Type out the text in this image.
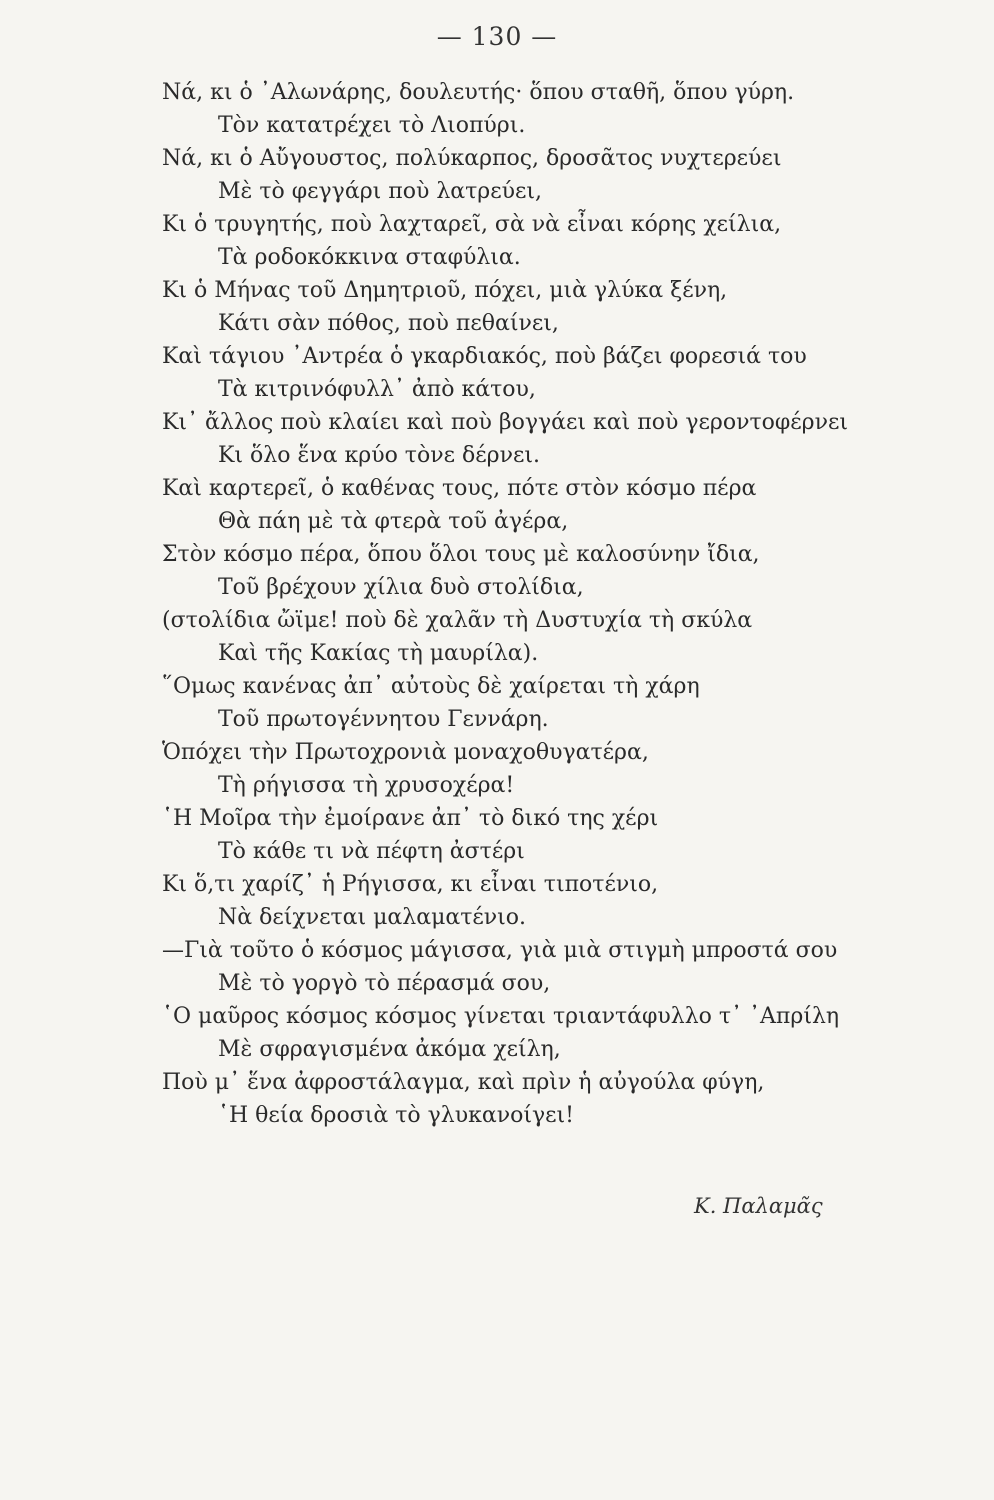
— 130 —
Νά, κι ὁ ᾿Αλωνάρης, δουλευτής· ὅπου σταθῆ, ὅπου γύρη.
Τὸν κατατρέχει τὸ Λιοπύρι.
Νά, κι ὁ Αὔγουστος, πολύκαρπος, δροσᾶτος νυχτερεύει
Μὲ τὸ φεγγάρι ποὺ λατρεύει,
Κι ὁ τρυγητής, ποὺ λαχταρεῖ, σὰ νὰ εἶναι κόρης χείλια,
Τὰ ροδοκόκκινα σταφύλια.
Κι ὁ Μήνας τοῦ Δημητριοῦ, πόχει, μιὰ γλύκα ξένη,
Κάτι σὰν πόθος, ποὺ πεθαίνει,
Καὶ τάγιου ᾿Αντρέα ὁ γκαρδιακός, ποὺ βάζει φορεσιά του
Τὰ κιτρινόφυλλ᾿ ἀπὸ κάτου,
Κι᾿ ἄλλος ποὺ κλαίει καὶ ποὺ βογγάει καὶ ποὺ γεροντοφέρνει
Κι ὅλο ἕνα κρύο τὸνε δέρνει.
Καὶ καρτερεῖ, ὁ καθένας τους, πότε στὸν κόσμο πέρα
Θὰ πάη μὲ τὰ φτερὰ τοῦ ἀγέρα,
Στὸν κόσμο πέρα, ὅπου ὅλοι τους μὲ καλοσύνην ἴδια,
Τοῦ βρέχουν χίλια δυὸ στολίδια,
(στολίδια ὤϊμε! ποὺ δὲ χαλᾶν τὴ Δυστυχία τὴ σκύλα
Καὶ τῆς Κακίας τὴ μαυρίλα).
῞Ομως κανένας ἀπ᾿ αὐτοὺς δὲ χαίρεται τὴ χάρη
Τοῦ πρωτογέννητου Γεννάρη.
Ὁπόχει τὴν Πρωτοχρονιὰ μοναχοθυγατέρα,
Τὴ ρήγισσα τὴ χρυσοχέρα!
῾Η Μοῖρα τὴν ἐμοίρανε ἀπ᾿ τὸ δικό της χέρι
Τὸ κάθε τι νὰ πέφτη ἀστέρι
Κι ὅ,τι χαρίζ᾿ ἡ Ρήγισσα, κι εἶναι τιποτένιο,
Νὰ δείχνεται μαλαματένιο.
—Γιὰ τοῦτο ὁ κόσμος μάγισσα, γιὰ μιὰ στιγμὴ μπροστά σου
Μὲ τὸ γοργὸ τὸ πέρασμά σου,
῾Ο μαῦρος κόσμος κόσμος γίνεται τριαντάφυλλο τ᾿ ᾿Απρίλη
Μὲ σφραγισμένα ἀκόμα χείλη,
Ποὺ μ᾿ ἕνα ἀφροστάλαγμα, καὶ πρὶν ἡ αὐγούλα φύγη,
῾Η θεία δροσιὰ τὸ γλυκανοίγει!
Κ. Παλαμᾶς
